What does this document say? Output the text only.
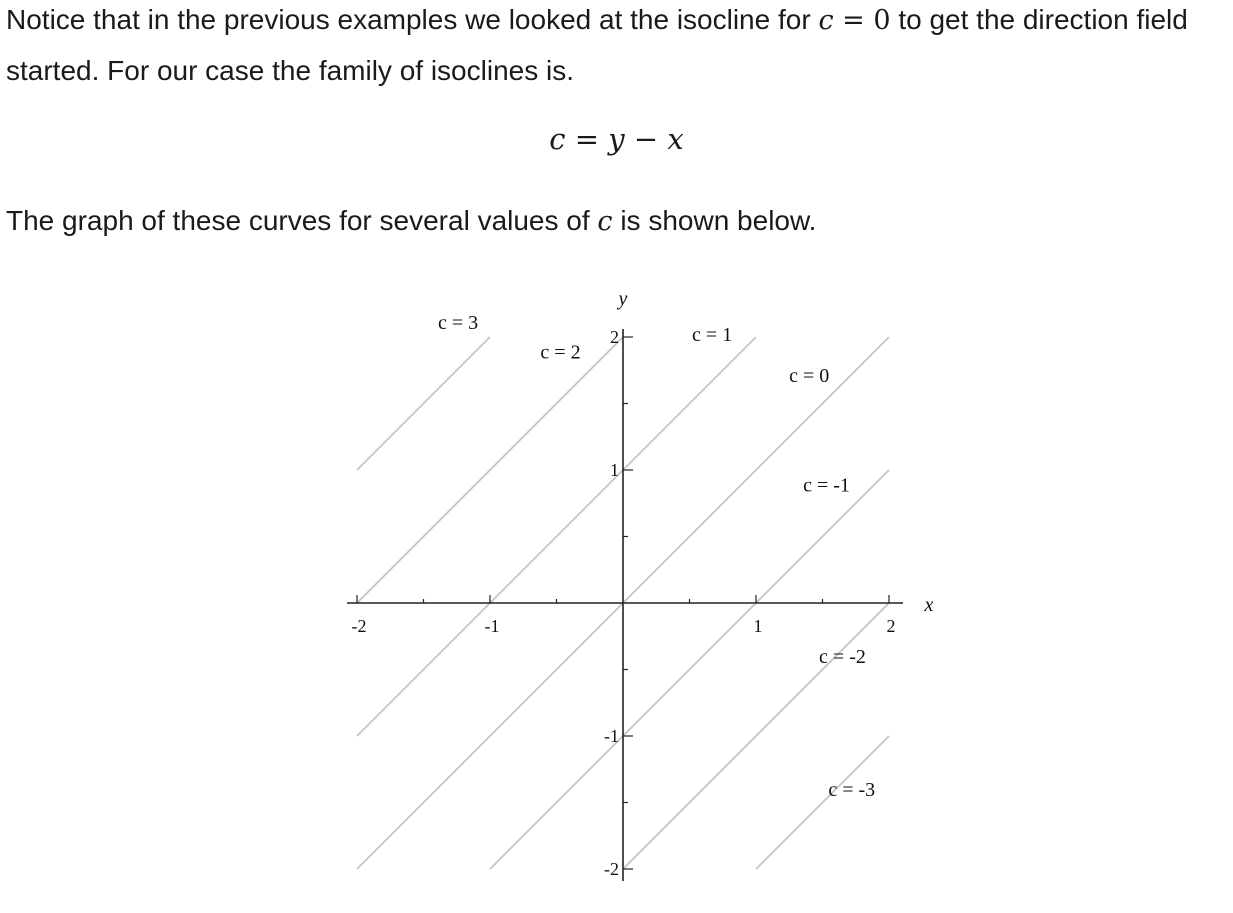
Notice that in the previous examples we looked at the isocline for c = 0 to get the direction field started. For our case the family of isoclines is.

c = y − x

The graph of these curves for several values of c is shown below.

-2	-1	1	2
2
1
-1
-2
x
y
c = 3
c = 2
c = 1
c = 0
c = -1
c = -2
c = -3
